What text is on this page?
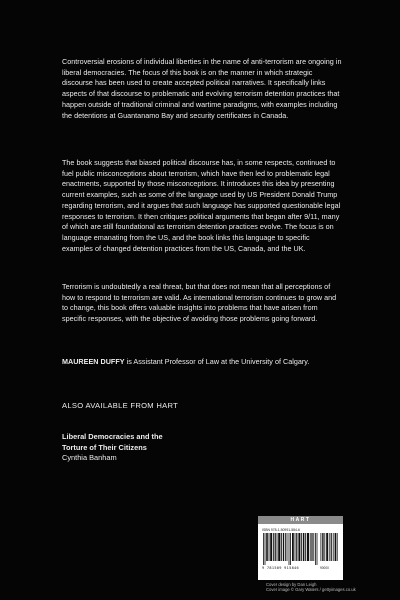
Controversial erosions of individual liberties in the name of anti-terrorism are ongoing in liberal democracies. The focus of this book is on the manner in which strategic discourse has been used to create accepted political narratives. It specifically links aspects of that discourse to problematic and evolving terrorism detention practices that happen outside of traditional criminal and wartime paradigms, with examples including the detentions at Guantanamo Bay and security certificates in Canada.

The book suggests that biased political discourse has, in some respects, continued to fuel public misconceptions about terrorism, which have then led to problematic legal enactments, supported by those misconceptions. It introduces this idea by presenting current examples, such as some of the language used by US President Donald Trump regarding terrorism, and it argues that such language has supported questionable legal responses to terrorism. It then critiques political arguments that began after 9/11, many of which are still foundational as terrorism detention practices evolve. The focus is on language emanating from the US, and the book links this language to specific examples of changed detention practices from the US, Canada, and the UK.

Terrorism is undoubtedly a real threat, but that does not mean that all perceptions of how to respond to terrorism are valid. As international terrorism continues to grow and to change, this book offers valuable insights into problems that have arisen from specific responses, with the objective of avoiding those problems going forward.

MAUREEN DUFFY is Assistant Professor of Law at the University of Calgary.

ALSO AVAILABLE FROM HART

Liberal Democracies and the
Torture of Their Citizens
Cynthia Banham
HART
ISBN 978-1-50991-584-6
9 781509 915846	90000
Cover design by Dan Leigh
Cover image © Gary Waters / gettyimages.co.uk
